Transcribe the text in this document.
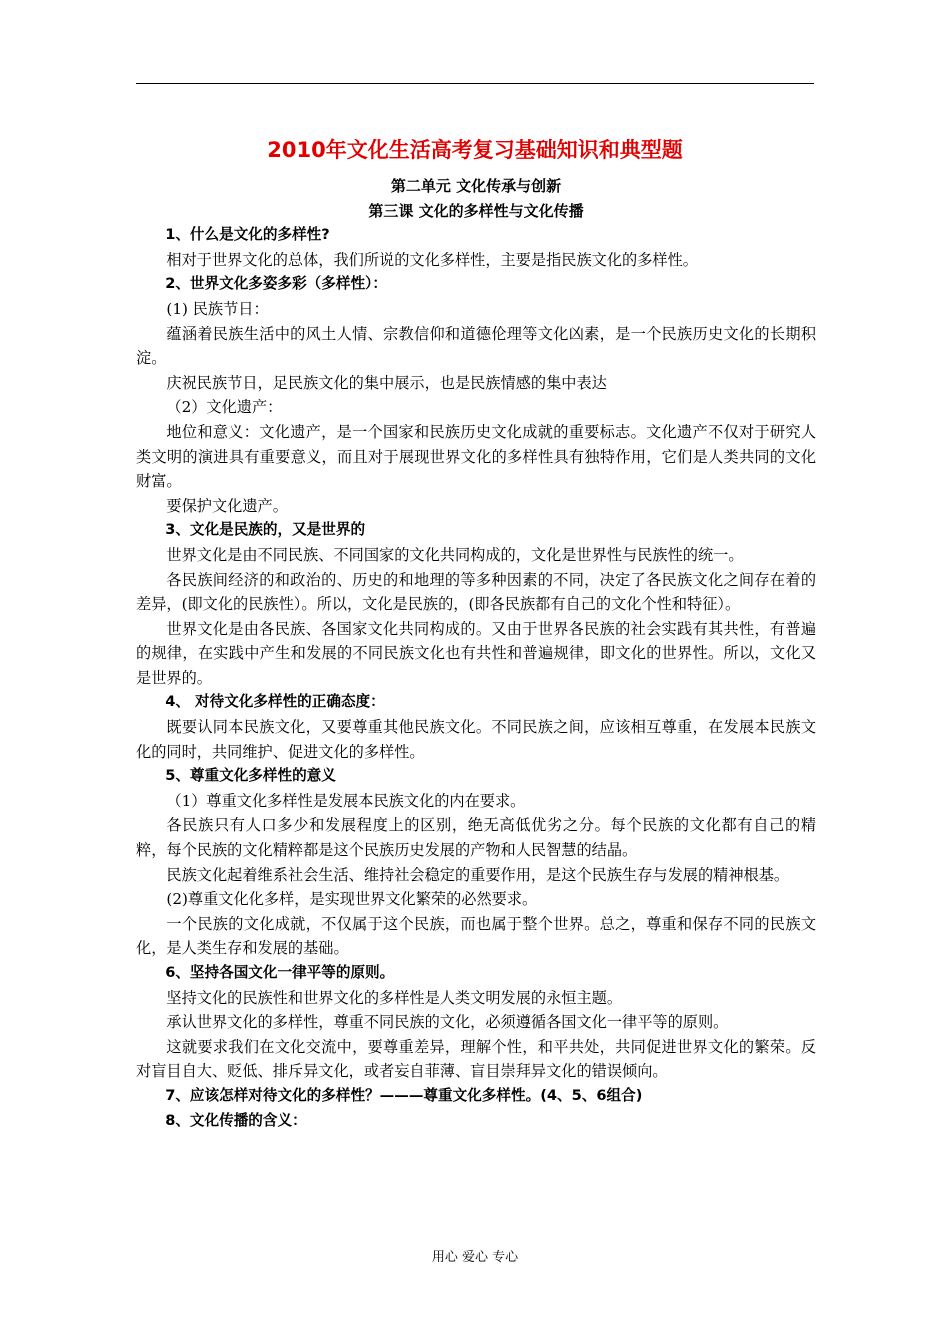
2010年文化生活高考复习基础知识和典型题
第二单元 文化传承与创新
第三课 文化的多样性与文化传播
1、什么是文化的多样性?
相对于世界文化的总体，我们所说的文化多样性，主要是指民族文化的多样性。
2、世界文化多姿多彩（多样性）：
(1) 民族节日：
蕴涵着民族生活中的风土人情、宗教信仰和道德伦理等文化凶素，是一个民族历史文化的长期积淀。
庆祝民族节日，足民族文化的集中展示，也是民族情感的集中表达
（2）文化遗产：
地位和意义：文化遗产，是一个国家和民族历史文化成就的重要标志。文化遗产不仅对于研究人类文明的演进具有重要意义，而且对于展现世界文化的多样性具有独特作用，它们是人类共同的文化财富。
要保护文化遗产。
3、文化是民族的，又是世界的
世界文化是由不同民族、不同国家的文化共同构成的，文化是世界性与民族性的统一。
各民族间经济的和政治的、历史的和地理的等多种因素的不同，决定了各民族文化之间存在着的差异，(即文化的民族性）。所以，文化是民族的，(即各民族都有自己的文化个性和特征）。
世界文化是由各民族、各国家文化共同构成的。又由于世界各民族的社会实践有其共性，有普遍的规律，在实践中产生和发展的不同民族文化也有共性和普遍规律，即文化的世界性。所以，文化又是世界的。
4、 对待文化多样性的正确态度：
既要认同本民族文化，又要尊重其他民族文化。不同民族之间，应该相互尊重，在发展本民族文化的同时，共同维护、促进文化的多样性。
5、尊重文化多样性的意义
（1）尊重文化多样性是发展本民族文化的内在要求。
各民族只有人口多少和发展程度上的区别，绝无高低优劣之分。每个民族的文化都有自己的精粹，每个民族的文化精粹都是这个民族历史发展的产物和人民智慧的结晶。
民族文化起着维系社会生活、维持社会稳定的重要作用，是这个民族生存与发展的精神根基。
(2)尊重文化化多样，是实现世界文化繁荣的必然要求。
一个民族的文化成就，不仅属于这个民族，而也属于整个世界。总之，尊重和保存不同的民族文化，是人类生存和发展的基础。
6、坚持各国文化一律平等的原则。
坚持文化的民族性和世界文化的多样性是人类文明发展的永恒主题。
承认世界文化的多样性，尊重不同民族的文化，必须遵循各国文化一律平等的原则。
这就要求我们在文化交流中，要尊重差异，理解个性，和平共处，共同促进世界文化的繁荣。反对盲目自大、贬低、排斥异文化，或者妄自菲薄、盲目崇拜异文化的错误倾向。
7、应该怎样对待文化的多样性？———尊重文化多样性。(4、5、6组合)
8、文化传播的含义：
用心 爱心 专心
